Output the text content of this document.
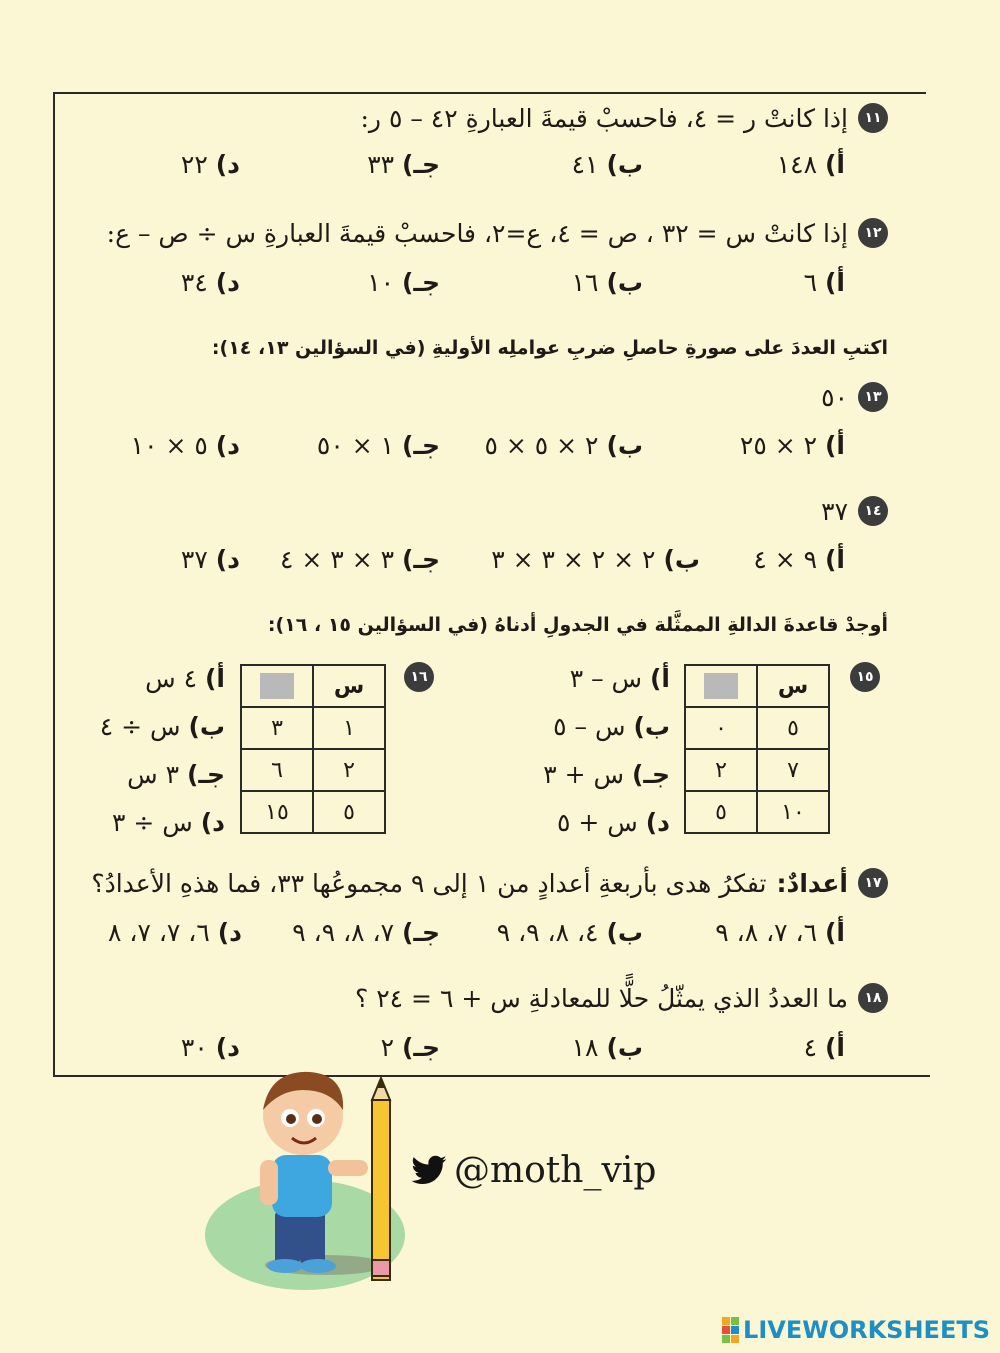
١١
إذا كانتْ ر = ٤، فاحسبْ قيمةَ العبارةِ ٤٢ – ٥ ر:
أ) ١٤٨
ب) ٤١
جـ) ٣٣
د) ٢٢
١٢
إذا كانتْ س = ٣٢ ، ص = ٤، ع=٢، فاحسبْ قيمةَ العبارةِ س ÷ ص – ع:
أ) ٦
ب) ١٦
جـ) ١٠
د) ٣٤
اكتبِ العددَ على صورةِ حاصلِ ضربِ عواملِه الأوليةِ (في السؤالين ١٣، ١٤):
١٣
٥٠
أ) ٢ × ٢٥
ب) ٢ × ٥ × ٥
جـ) ١ × ٥٠
د) ٥ × ١٠
١٤
٣٧
أ) ٩ × ٤
ب) ٢ × ٢ × ٣ × ٣
جـ) ٣ × ٣ × ٤
د) ٣٧
أوجدْ قاعدةَ الدالةِ الممثَّلة في الجدولِ أدناهُ (في السؤالين ١٥ ، ١٦):
١٥
	س
٠	٥
٢	٧
٥	١٠
أ) س – ٣
ب) س – ٥
جـ) س + ٣
د) س + ٥
١٦
	س
٣	١
٦	٢
١٥	٥
أ) ٤ س
ب) س ÷ ٤
جـ) ٣ س
د) س ÷ ٣
١٧
أعدادٌ:
تفكرُ هدى بأربعةِ أعدادٍ من ١ إلى ٩ مجموعُها ٣٣، فما هذهِ الأعدادُ؟
أ) ٦، ٧، ٨، ٩
ب) ٤، ٨، ٩، ٩
جـ) ٧، ٨، ٩، ٩
د) ٦، ٧، ٧، ٨
١٨
ما العددُ الذي يمثّلُ حلًّا للمعادلةِ س + ٦ = ٢٤ ؟
أ) ٤
ب) ١٨
جـ) ٢
د) ٣٠
@moth_vip
LIVEWORKSHEETS
